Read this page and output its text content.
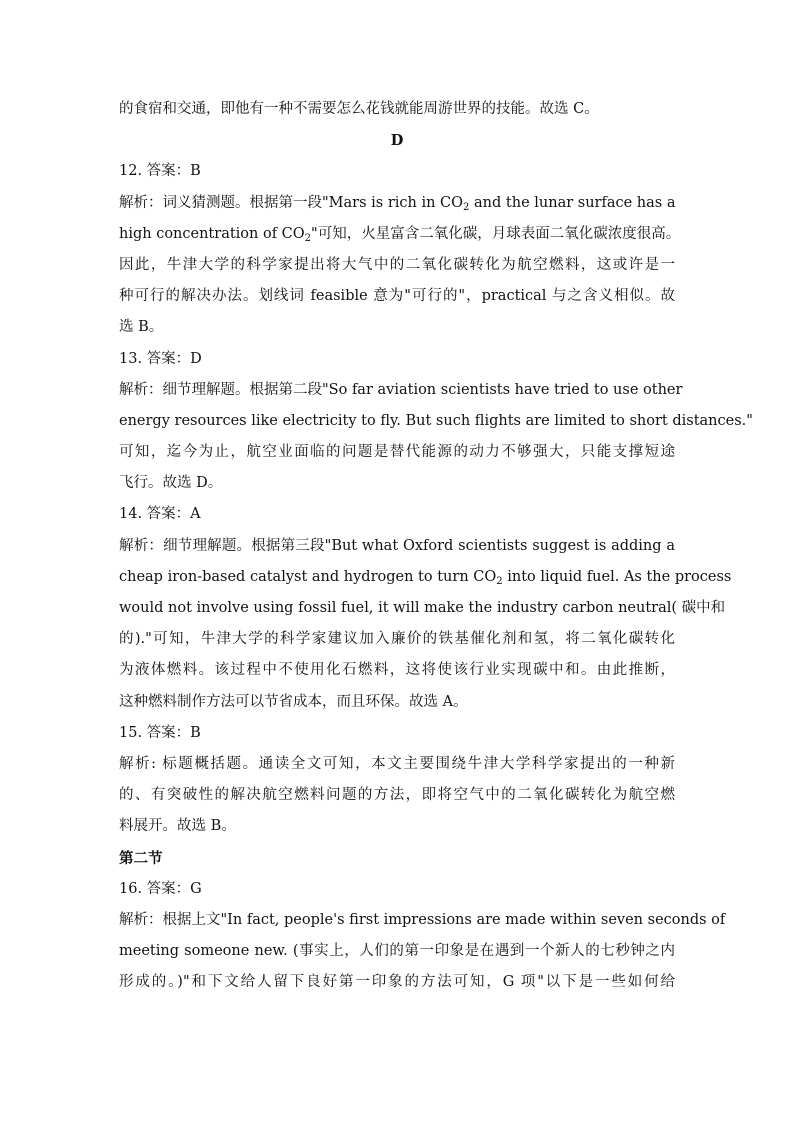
的食宿和交通，即他有一种不需要怎么花钱就能周游世界的技能。故选 C。
D
12. 答案：B
解析：词义猜测题。根据第一段"Mars is rich in $CO_2$ and the lunar surface has a
high concentration of $CO_2$"可知，火星富含二氧化碳，月球表面二氧化碳浓度很高。
因此，牛津大学的科学家提出将大气中的二氧化碳转化为航空燃料，这或许是一
种可行的解决办法。划线词 feasible 意为"可行的"，practical 与之含义相似。故
选 B。
13. 答案：D
解析：细节理解题。根据第二段"So far aviation scientists have tried to use other
energy resources like electricity to fly. But such flights are limited to short distances."
可知，迄今为止，航空业面临的问题是替代能源的动力不够强大，只能支撑短途
飞行。故选 D。
14. 答案：A
解析：细节理解题。根据第三段"But what Oxford scientists suggest is adding a
cheap iron-based catalyst and hydrogen to turn $CO_2$ into liquid fuel. As the process
would not involve using fossil fuel, it will make the industry carbon neutral( 碳中和
的)."可知，牛津大学的科学家建议加入廉价的铁基催化剂和氢，将二氧化碳转化
为液体燃料。该过程中不使用化石燃料，这将使该行业实现碳中和。由此推断，
这种燃料制作方法可以节省成本，而且环保。故选 A。
15. 答案：B
解析: 标题概括题。通读全文可知，本文主要围绕牛津大学科学家提出的一种新
的、有突破性的解决航空燃料问题的方法，即将空气中的二氧化碳转化为航空燃
料展开。故选 B。
第二节
16. 答案：G
解析：根据上文"In fact, people's first impressions are made within seven seconds of
meeting someone new. (事实上，人们的第一印象是在遇到一个新人的七秒钟之内
形成的。)"和下文给人留下良好第一印象的方法可知，G 项"以下是一些如何给
